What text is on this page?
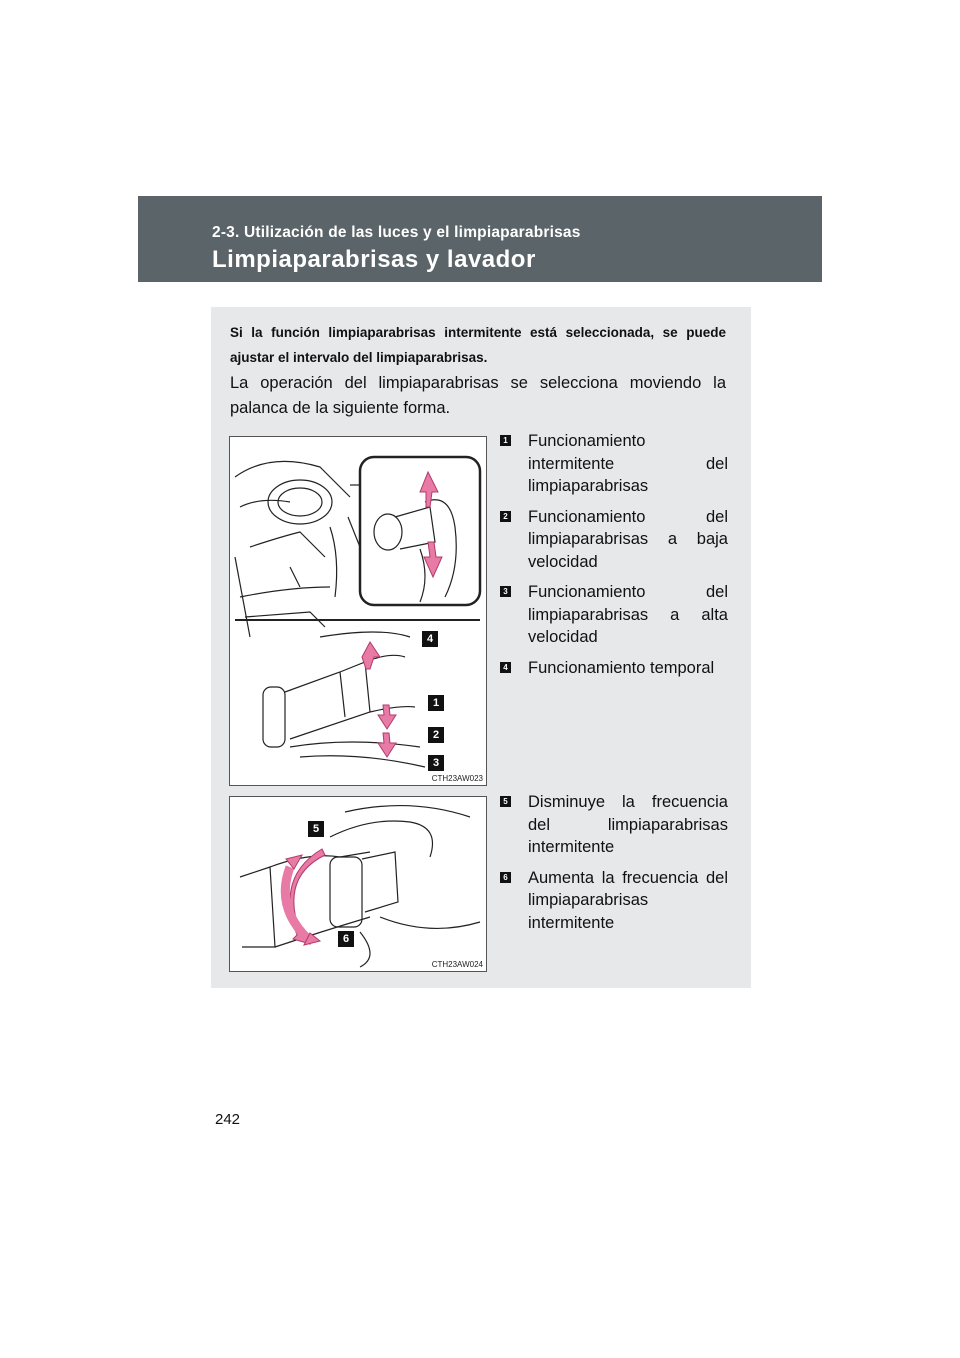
2-3. Utilización de las luces y el limpiaparabrisas
Limpiaparabrisas y lavador
Si la función limpiaparabrisas intermitente está seleccionada, se puede ajustar el intervalo del limpiaparabrisas.
La operación del limpiaparabrisas se selecciona moviendo la palanca de la siguiente forma.
4
1
2
3
CTH23AW023
1 Funcionamiento intermitente del limpiaparabrisas
2 Funcionamiento del limpiaparabrisas a baja velocidad
3 Funcionamiento del limpiaparabrisas a alta velocidad
4 Funcionamiento temporal
5
6
CTH23AW024
5 Disminuye la frecuencia del limpiaparabrisas intermitente
6 Aumenta la frecuencia del limpiaparabrisas intermitente
242
